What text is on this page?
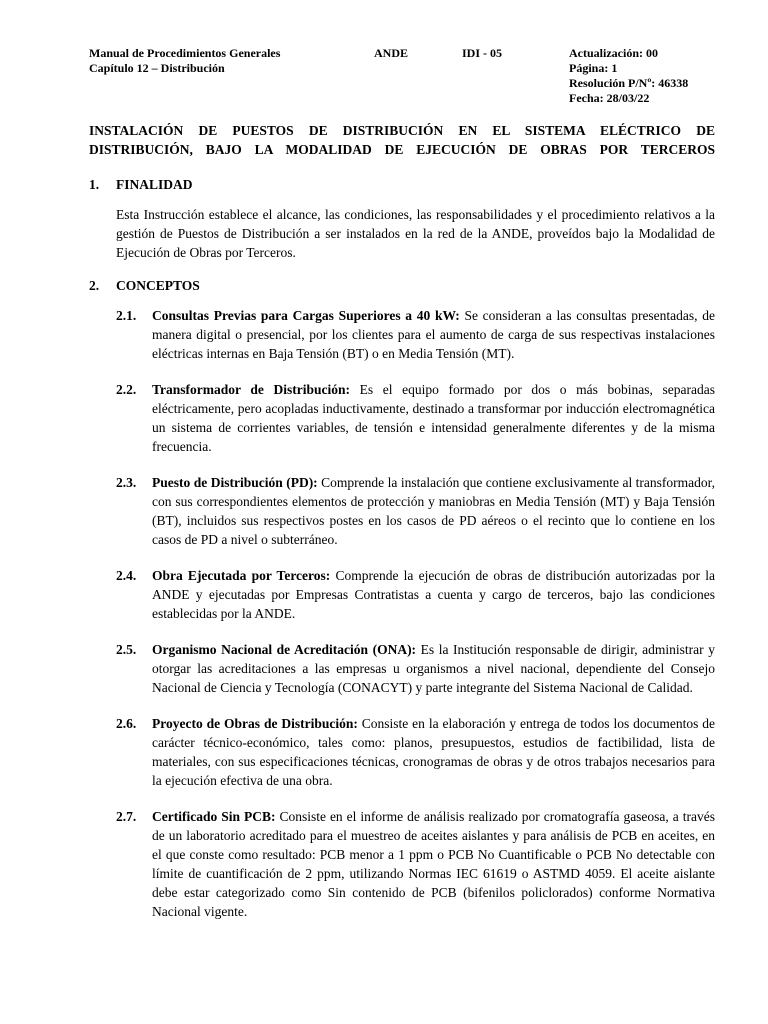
Manual de Procedimientos Generales
Capítulo 12 – Distribución
ANDE	IDI - 05	Actualización: 00
Página: 1
Resolución P/Nº: 46338
Fecha: 28/03/22
INSTALACIÓN DE PUESTOS DE DISTRIBUCIÓN EN EL SISTEMA ELÉCTRICO DE
DISTRIBUCIÓN, BAJO LA MODALIDAD DE EJECUCIÓN DE OBRAS POR TERCEROS
1.	FINALIDAD
Esta Instrucción establece el alcance, las condiciones, las responsabilidades y el procedimiento relativos a la gestión de Puestos de Distribución a ser instalados en la red de la ANDE, proveídos bajo la Modalidad de Ejecución de Obras por Terceros.
2.	CONCEPTOS
2.1.	Consultas Previas para Cargas Superiores a 40 kW: Se consideran a las consultas presentadas, de manera digital o presencial, por los clientes para el aumento de carga de sus respectivas instalaciones eléctricas internas en Baja Tensión (BT) o en Media Tensión (MT).
2.2.	Transformador de Distribución: Es el equipo formado por dos o más bobinas, separadas eléctricamente, pero acopladas inductivamente, destinado a transformar por inducción electromagnética un sistema de corrientes variables, de tensión e intensidad generalmente diferentes y de la misma frecuencia.
2.3.	Puesto de Distribución (PD): Comprende la instalación que contiene exclusivamente al transformador, con sus correspondientes elementos de protección y maniobras en Media Tensión (MT) y Baja Tensión (BT), incluidos sus respectivos postes en los casos de PD aéreos o el recinto que lo contiene en los casos de PD a nivel o subterráneo.
2.4.	Obra Ejecutada por Terceros: Comprende la ejecución de obras de distribución autorizadas por la ANDE y ejecutadas por Empresas Contratistas a cuenta y cargo de terceros, bajo las condiciones establecidas por la ANDE.
2.5.	Organismo Nacional de Acreditación (ONA): Es la Institución responsable de dirigir, administrar y otorgar las acreditaciones a las empresas u organismos a nivel nacional, dependiente del Consejo Nacional de Ciencia y Tecnología (CONACYT) y parte integrante del Sistema Nacional de Calidad.
2.6.	Proyecto de Obras de Distribución: Consiste en la elaboración y entrega de todos los documentos de carácter técnico-económico, tales como: planos, presupuestos, estudios de factibilidad, lista de materiales, con sus especificaciones técnicas, cronogramas de obras y de otros trabajos necesarios para la ejecución efectiva de una obra.
2.7.	Certificado Sin PCB: Consiste en el informe de análisis realizado por cromatografía gaseosa, a través de un laboratorio acreditado para el muestreo de aceites aislantes y para análisis de PCB en aceites, en el que conste como resultado: PCB menor a 1 ppm o PCB No Cuantificable o PCB No detectable con límite de cuantificación de 2 ppm, utilizando Normas IEC 61619 o ASTMD 4059. El aceite aislante debe estar categorizado como Sin contenido de PCB (bifenilos policlorados) conforme Normativa Nacional vigente.
